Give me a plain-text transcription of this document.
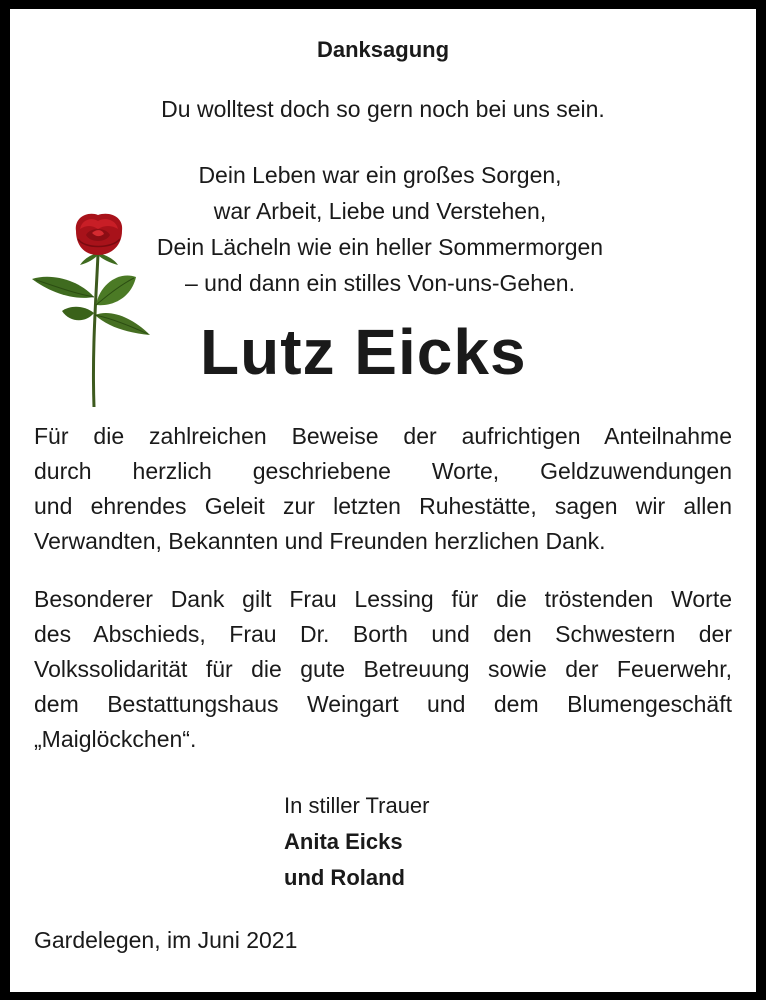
Danksagung
Du wolltest doch so gern noch bei uns sein.
Dein Leben war ein großes Sorgen,
war Arbeit, Liebe und Verstehen,
Dein Lächeln wie ein heller Sommermorgen
– und dann ein stilles Von-uns-Gehen.
Lutz Eicks
Für die zahlreichen Beweise der aufrichtigen Anteilnahme
durch herzlich geschriebene Worte, Geldzuwendungen
und ehrendes Geleit zur letzten Ruhestätte, sagen wir allen
Verwandten, Bekannten und Freunden herzlichen Dank.
Besonderer Dank gilt Frau Lessing für die tröstenden Worte
des Abschieds, Frau Dr. Borth und den Schwestern der
Volkssolidarität für die gute Betreuung sowie der Feuerwehr,
dem Bestattungshaus Weingart und dem Blumengeschäft
„Maiglöckchen“.
In stiller Trauer
Anita Eicks
und Roland
Gardelegen, im Juni 2021
